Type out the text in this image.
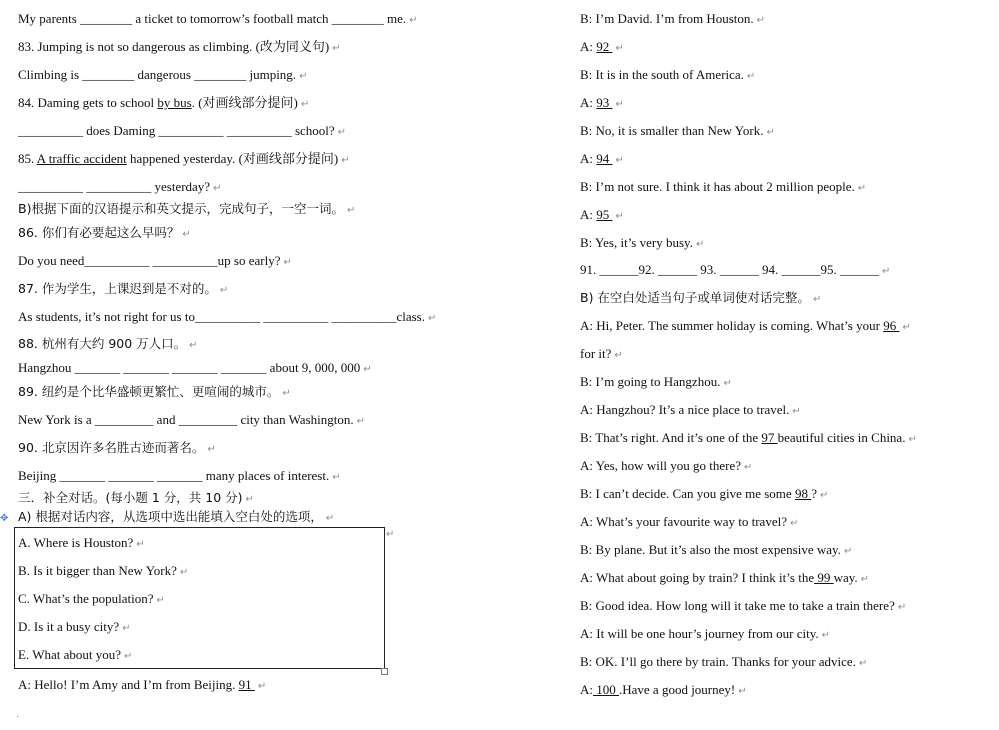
My parents ________ a ticket to tomorrow’s football match ________ me. ↵
83. Jumping is not so dangerous as climbing. (改为同义句) ↵
Climbing is ________ dangerous ________ jumping. ↵
84. Daming gets to school by bus. (对画线部分提问) ↵
__________ does Daming __________ __________ school? ↵
85. A traffic accident happened yesterday. (对画线部分提问) ↵
__________ __________ yesterday? ↵
B)根据下面的汉语提示和英文提示，完成句子，一空一词。 ↵
86. 你们有必要起这么早吗？ ↵
Do you need__________ __________up so early? ↵
87. 作为学生，上课迟到是不对的。 ↵
As students, it’s not right for us to__________ __________ __________class. ↵
88. 杭州有大约 900 万人口。 ↵
Hangzhou _______ _______ _______ _______ about 9, 000, 000 ↵
89. 纽约是个比华盛顿更繁忙、更喧闹的城市。 ↵
New York is a _________ and _________ city than Washington. ↵
90. 北京因许多名胜古迹而著名。 ↵
Beijing _______ _______ _______ many places of interest. ↵
三．补全对话。(每小题 1 分，共 10 分) ↵
✥ A) 根据对话内容，从选项中选出能填入空白处的选项， ↵
↵
A. Where is Houston? ↵
B. Is it bigger than New York? ↵
C. What’s the population? ↵
D. Is it a busy city? ↵
E. What about you? ↵
A: Hello! I’m Amy and I’m from Beijing. 91 ↵
·
B: I’m David. I’m from Houston. ↵
A: 92 ↵
B: It is in the south of America. ↵
A: 93 ↵
B: No, it is smaller than New York. ↵
A: 94 ↵
B: I’m not sure. I think it has about 2 million people. ↵
A: 95 ↵
B: Yes, it’s very busy. ↵
91. ______92. ______ 93. ______ 94. ______95. ______ ↵
B) 在空白处适当句子或单词使对话完整。 ↵
A: Hi, Peter. The summer holiday is coming. What’s your 96 ↵
for it? ↵
B: I’m going to Hangzhou. ↵
A: Hangzhou? It’s a nice place to travel. ↵
B: That’s right. And it’s one of the 97 beautiful cities in China. ↵
A: Yes, how will you go there? ↵
B: I can’t decide. Can you give me some 98 ? ↵
A: What’s your favourite way to travel? ↵
B: By plane. But it’s also the most expensive way. ↵
A: What about going by train? I think it’s the 99 way. ↵
B: Good idea. How long will it take me to take a train there? ↵
A: It will be one hour’s journey from our city. ↵
B: OK. I’ll go there by train. Thanks for your advice. ↵
A: 100 .Have a good journey! ↵
